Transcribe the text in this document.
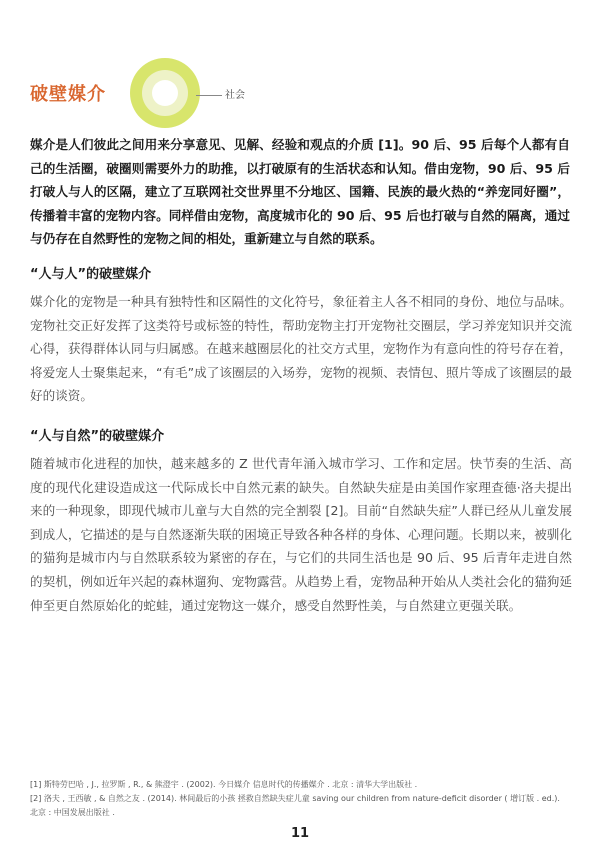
破壁媒介	社会
媒介是人们彼此之间用来分享意见、见解、经验和观点的介质 [1]。90 后、95 后每个人都有自己的生活圈，破圈则需要外力的助推，以打破原有的生活状态和认知。借由宠物，90 后、95 后打破人与人的区隔，建立了互联网社交世界里不分地区、国籍、民族的最火热的“养宠同好圈”，传播着丰富的宠物内容。同样借由宠物，高度城市化的 90 后、95 后也打破与自然的隔离，通过与仍存在自然野性的宠物之间的相处，重新建立与自然的联系。
“人与人”的破壁媒介
媒介化的宠物是一种具有独特性和区隔性的文化符号，象征着主人各不相同的身份、地位与品味。宠物社交正好发挥了这类符号或标签的特性，帮助宠物主打开宠物社交圈层，学习养宠知识并交流心得，获得群体认同与归属感。在越来越圈层化的社交方式里，宠物作为有意向性的符号存在着，将爱宠人士聚集起来，“有毛”成了该圈层的入场券，宠物的视频、表情包、照片等成了该圈层的最好的谈资。
“人与自然”的破壁媒介
随着城市化进程的加快，越来越多的 Z 世代青年涌入城市学习、工作和定居。快节奏的生活、高度的现代化建设造成这一代际成长中自然元素的缺失。自然缺失症是由美国作家理查德·洛夫提出来的一种现象，即现代城市儿童与大自然的完全割裂 [2]。目前“自然缺失症”人群已经从儿童发展到成人，它描述的是与自然逐渐失联的困境正导致各种各样的身体、心理问题。长期以来，被驯化的猫狗是城市内与自然联系较为紧密的存在，与它们的共同生活也是 90 后、95 后青年走进自然的契机，例如近年兴起的森林遛狗、宠物露营。从趋势上看，宠物品种开始从人类社会化的猫狗延伸至更自然原始化的蛇蛙，通过宠物这一媒介，感受自然野性美，与自然建立更强关联。

[1] 斯特劳巴哈 , J., 拉罗斯 , R., & 熊澄宇 . (2002). 今日媒介 信息时代的传播媒介 . 北京 : 清华大学出版社 .

[2] 洛夫 , 王西敏 , & 自然之友 . (2014). 林间最后的小孩 拯救自然缺失症儿童 saving our children from nature-deficit disorder ( 增订版 . ed.). 北京 : 中国发展出版社 .

11
